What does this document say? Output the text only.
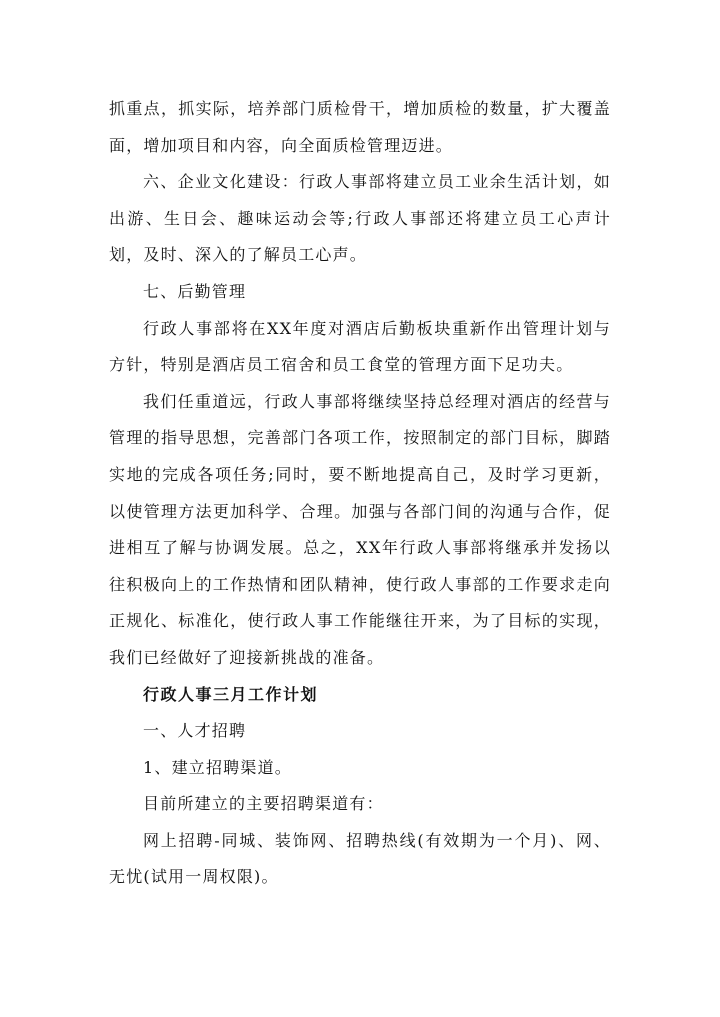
抓重点，抓实际，培养部门质检骨干，增加质检的数量，扩大覆盖面，增加项目和内容，向全面质检管理迈进。

六、企业文化建设：行政人事部将建立员工业余生活计划，如出游、生日会、趣味运动会等;行政人事部还将建立员工心声计划，及时、深入的了解员工心声。

七、后勤管理

行政人事部将在XX年度对酒店后勤板块重新作出管理计划与方针，特别是酒店员工宿舍和员工食堂的管理方面下足功夫。

我们任重道远，行政人事部将继续坚持总经理对酒店的经营与管理的指导思想，完善部门各项工作，按照制定的部门目标，脚踏实地的完成各项任务;同时，要不断地提高自己，及时学习更新，以使管理方法更加科学、合理。加强与各部门间的沟通与合作，促进相互了解与协调发展。总之，XX年行政人事部将继承并发扬以往积极向上的工作热情和团队精神，使行政人事部的工作要求走向正规化、标准化，使行政人事工作能继往开来，为了目标的实现，我们已经做好了迎接新挑战的准备。

行政人事三月工作计划

一、人才招聘

1、建立招聘渠道。

目前所建立的主要招聘渠道有：

网上招聘-同城、装饰网、招聘热线(有效期为一个月)、网、无忧(试用一周权限)。
